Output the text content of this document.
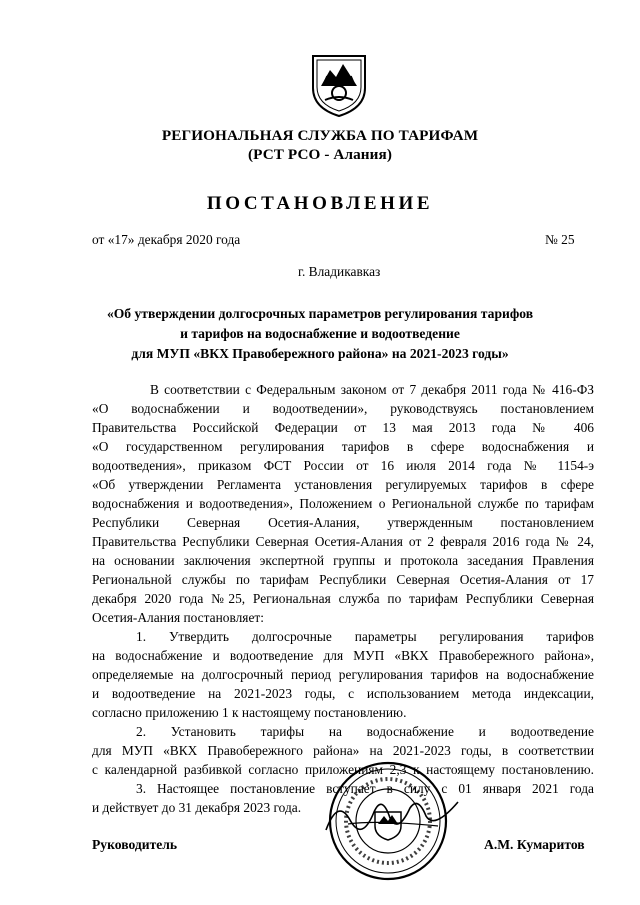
РЕГИОНАЛЬНАЯ СЛУЖБА ПО ТАРИФАМ
(РСТ РСО - Алания)
ПОСТАНОВЛЕНИЕ
от «17» декабря 2020 года	№ 25
г. Владикавказ
«Об утверждении долгосрочных параметров регулирования тарифов
и тарифов на водоснабжение и водоотведение
для МУП «ВКХ Правобережного района» на 2021-2023 годы»
В соответствии с Федеральным законом от 7 декабря 2011 года № 416-ФЗ
«О водоснабжении и водоотведении», руководствуясь постановлением
Правительства Российской Федерации от 13 мая 2013 года № 406
«О государственном регулирования тарифов в сфере водоснабжения и
водоотведения», приказом ФСТ России от 16 июля 2014 года № 1154-э
«Об утверждении Регламента установления регулируемых тарифов в сфере
водоснабжения и водоотведения», Положением о Региональной службе по тарифам
Республики Северная Осетия-Алания, утвержденным постановлением
Правительства Республики Северная Осетия-Алания от 2 февраля 2016 года № 24,
на основании заключения экспертной группы и протокола заседания Правления
Региональной службы по тарифам Республики Северная Осетия-Алания от 17
декабря 2020 года №25, Региональная служба по тарифам Республики Северная
Осетия-Алания постановляет:
1. Утвердить долгосрочные параметры регулирования тарифов
на водоснабжение и водоотведение для МУП «ВКХ Правобережного района»,
определяемые на долгосрочный период регулирования тарифов на водоснабжение
и водоотведение на 2021-2023 годы, с использованием метода индексации,
согласно приложению 1 к настоящему постановлению.
2. Установить тарифы на водоснабжение и водоотведение
для МУП «ВКХ Правобережного района» на 2021-2023 годы, в соответствии
с календарной разбивкой согласно приложениям 2,3 к настоящему постановлению.
3. Настоящее постановление вступает в силу с 01 января 2021 года
и действует до 31 декабря 2023 года.
Руководитель	А.М. Кумаритов
